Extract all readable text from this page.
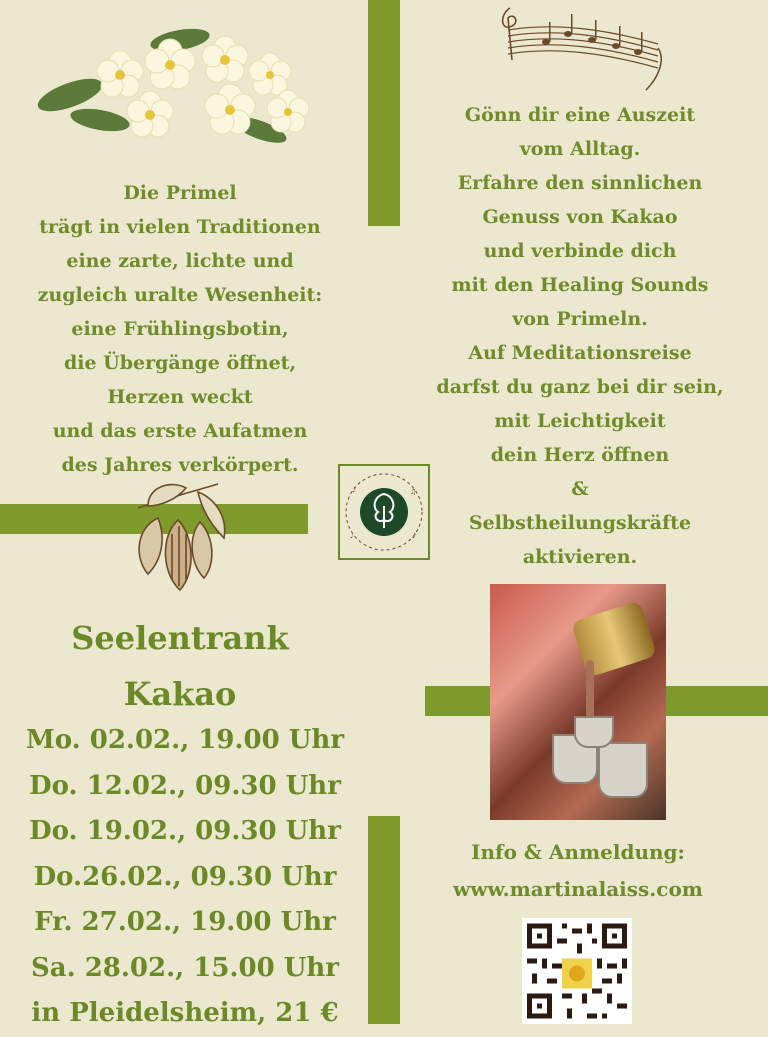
Die Primel
trägt in vielen Traditionen
eine zarte, lichte und
zugleich uralte Wesenheit:
eine Frühlingsbotin,
die Übergänge öffnet,
Herzen weckt
und das erste Aufatmen
des Jahres verkörpert.
Gönn dir eine Auszeit
vom Alltag.
Erfahre den sinnlichen
Genuss von Kakao
und verbinde dich
mit den Healing Sounds
von Primeln.
Auf Meditationsreise
darfst du ganz bei dir sein,
mit Leichtigkeit
dein Herz öffnen
&
Selbstheilungskräfte
aktivieren.
♪	♫
♩	♪
Seelentrank
Kakao
Mo. 02.02., 19.00 Uhr
Do. 12.02., 09.30 Uhr
Do. 19.02., 09.30 Uhr
Do.26.02., 09.30 Uhr
Fr. 27.02., 19.00 Uhr
Sa. 28.02., 15.00 Uhr
in Pleidelsheim, 21 €
Info & Anmeldung:
www.martinalaiss.com
